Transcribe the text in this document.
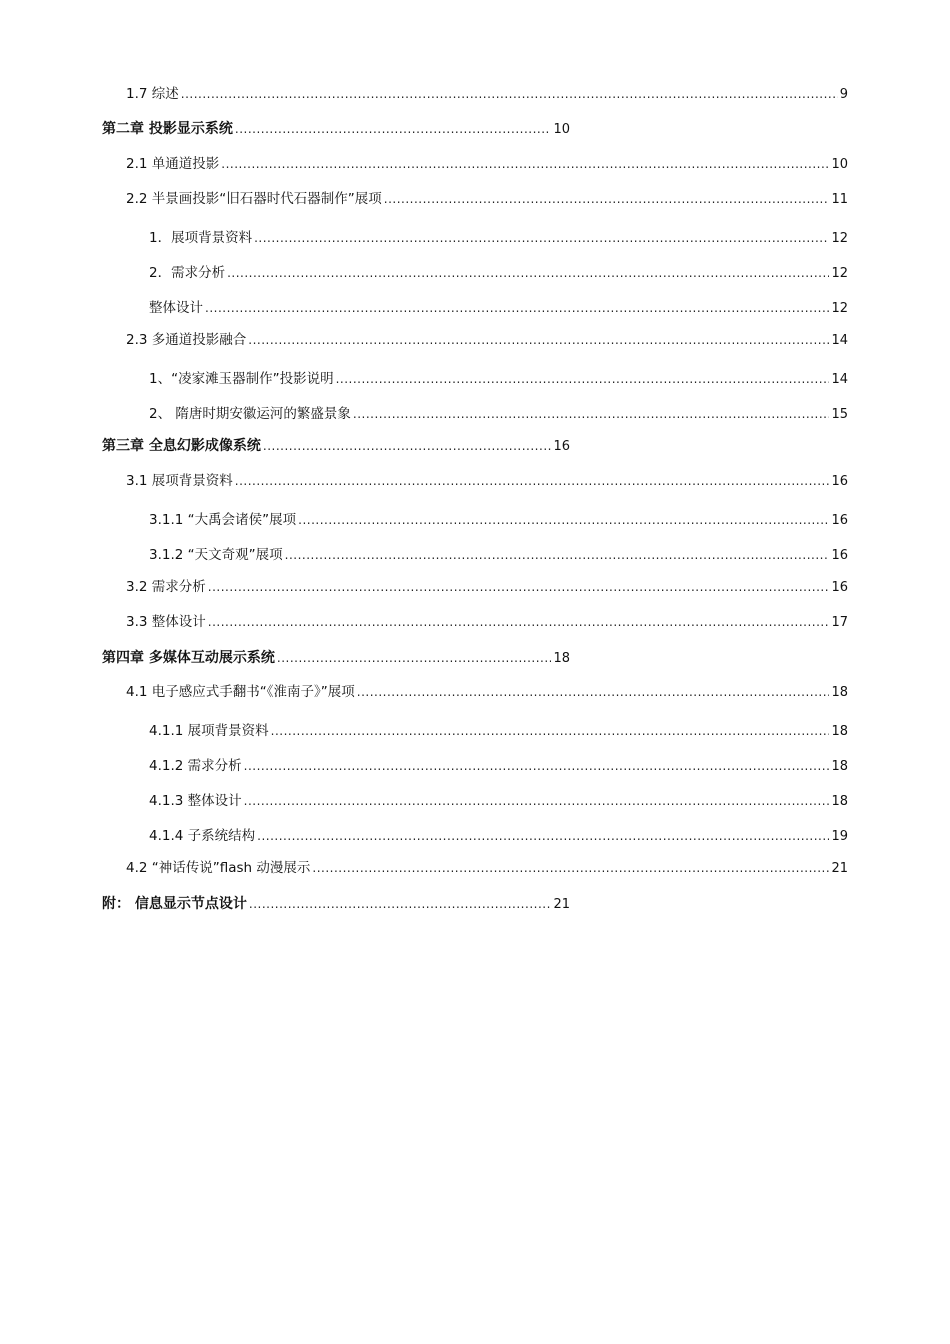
1.7 综述 .....	9
第二章 投影显示系统 .....	10
2.1 单通道投影 .....	10
2.2 半景画投影“旧石器时代石器制作”展项 .....	11
1．展项背景资料 .....	12
2．需求分析 .....	12
整体设计 .....	12
2.3 多通道投影融合 .....	14
1、“凌家滩玉器制作”投影说明 .....	14
2、 隋唐时期安徽运河的繁盛景象 .....	15
第三章 全息幻影成像系统 .....	16
3.1 展项背景资料 .....	16
3.1.1 “大禹会诸侯”展项 .....	16
3.1.2 “天文奇观”展项 .....	16
3.2 需求分析 .....	16
3.3 整体设计 .....	17
第四章 多媒体互动展示系统 .....	18
4.1 电子感应式手翻书“《淮南子》”展项 .....	18
4.1.1 展项背景资料 .....	18
4.1.2 需求分析 .....	18
4.1.3 整体设计 .....	18
4.1.4 子系统结构 .....	19
4.2 “神话传说”flash 动漫展示 .....	21
附： 信息显示节点设计 .....	21
